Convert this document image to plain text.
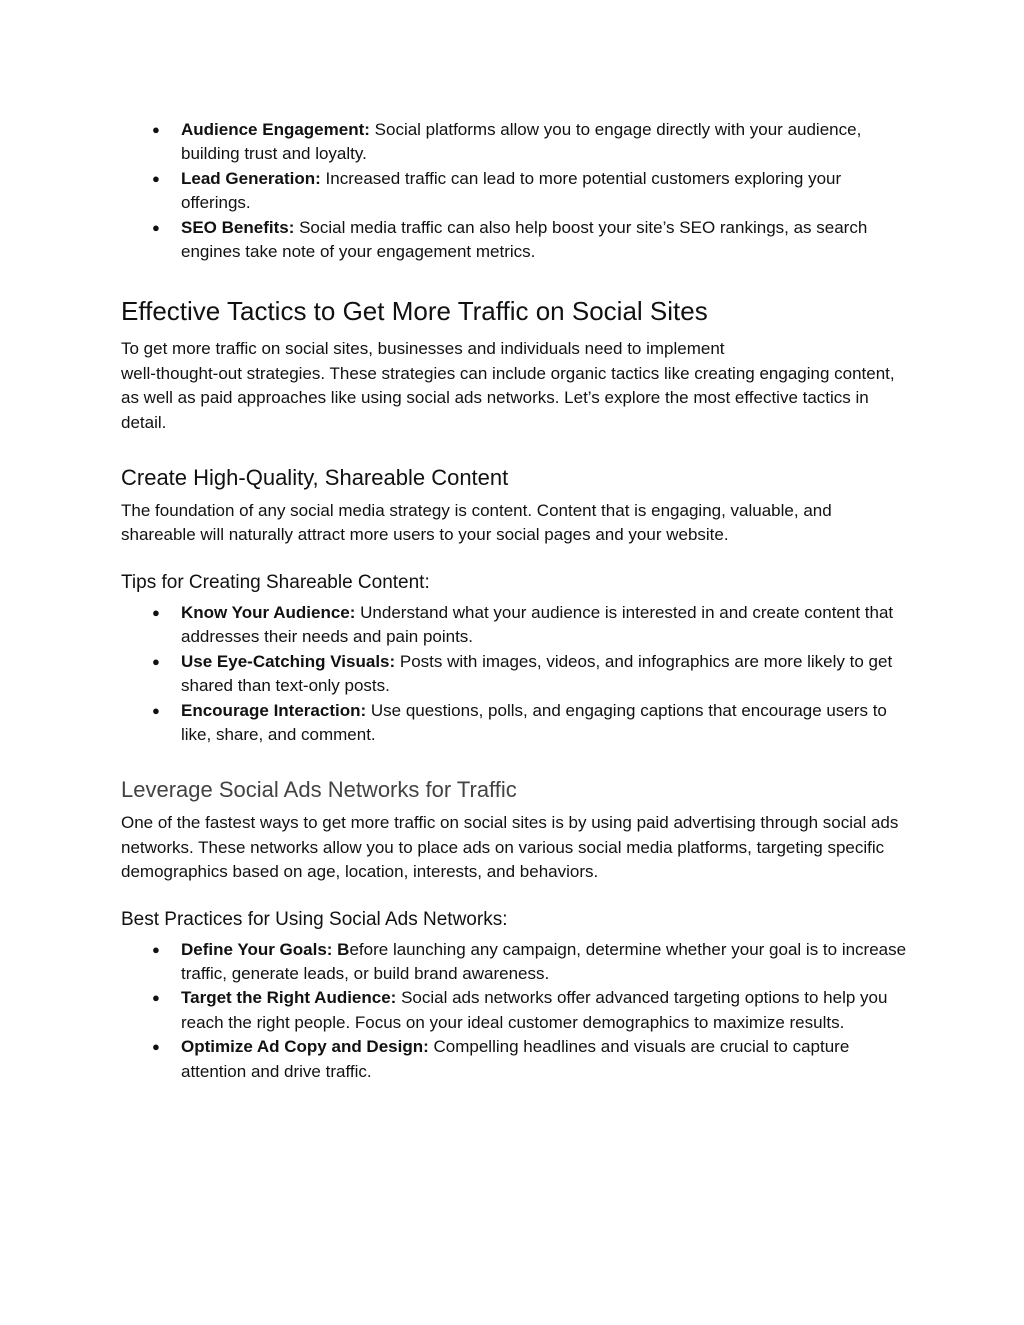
● Audience Engagement: Social platforms allow you to engage directly with your audience, building trust and loyalty.
● Lead Generation: Increased traffic can lead to more potential customers exploring your offerings.
● SEO Benefits: Social media traffic can also help boost your site’s SEO rankings, as search engines take note of your engagement metrics.
Effective Tactics to Get More Traffic on Social Sites

To get more traffic on social sites, businesses and individuals need to implement
well-thought-out strategies. These strategies can include organic tactics like creating engaging content, as well as paid approaches like using social ads networks. Let’s explore the most effective tactics in detail.

Create High-Quality, Shareable Content

The foundation of any social media strategy is content. Content that is engaging, valuable, and shareable will naturally attract more users to your social pages and your website.

Tips for Creating Shareable Content:
● Know Your Audience: Understand what your audience is interested in and create content that addresses their needs and pain points.
● Use Eye-Catching Visuals: Posts with images, videos, and infographics are more likely to get shared than text-only posts.
● Encourage Interaction: Use questions, polls, and engaging captions that encourage users to like, share, and comment.
Leverage Social Ads Networks for Traffic

One of the fastest ways to get more traffic on social sites is by using paid advertising through social ads networks. These networks allow you to place ads on various social media platforms, targeting specific demographics based on age, location, interests, and behaviors.

Best Practices for Using Social Ads Networks:
● Define Your Goals: Before launching any campaign, determine whether your goal is to increase traffic, generate leads, or build brand awareness.
● Target the Right Audience: Social ads networks offer advanced targeting options to help you reach the right people. Focus on your ideal customer demographics to maximize results.
● Optimize Ad Copy and Design: Compelling headlines and visuals are crucial to capture attention and drive traffic.
